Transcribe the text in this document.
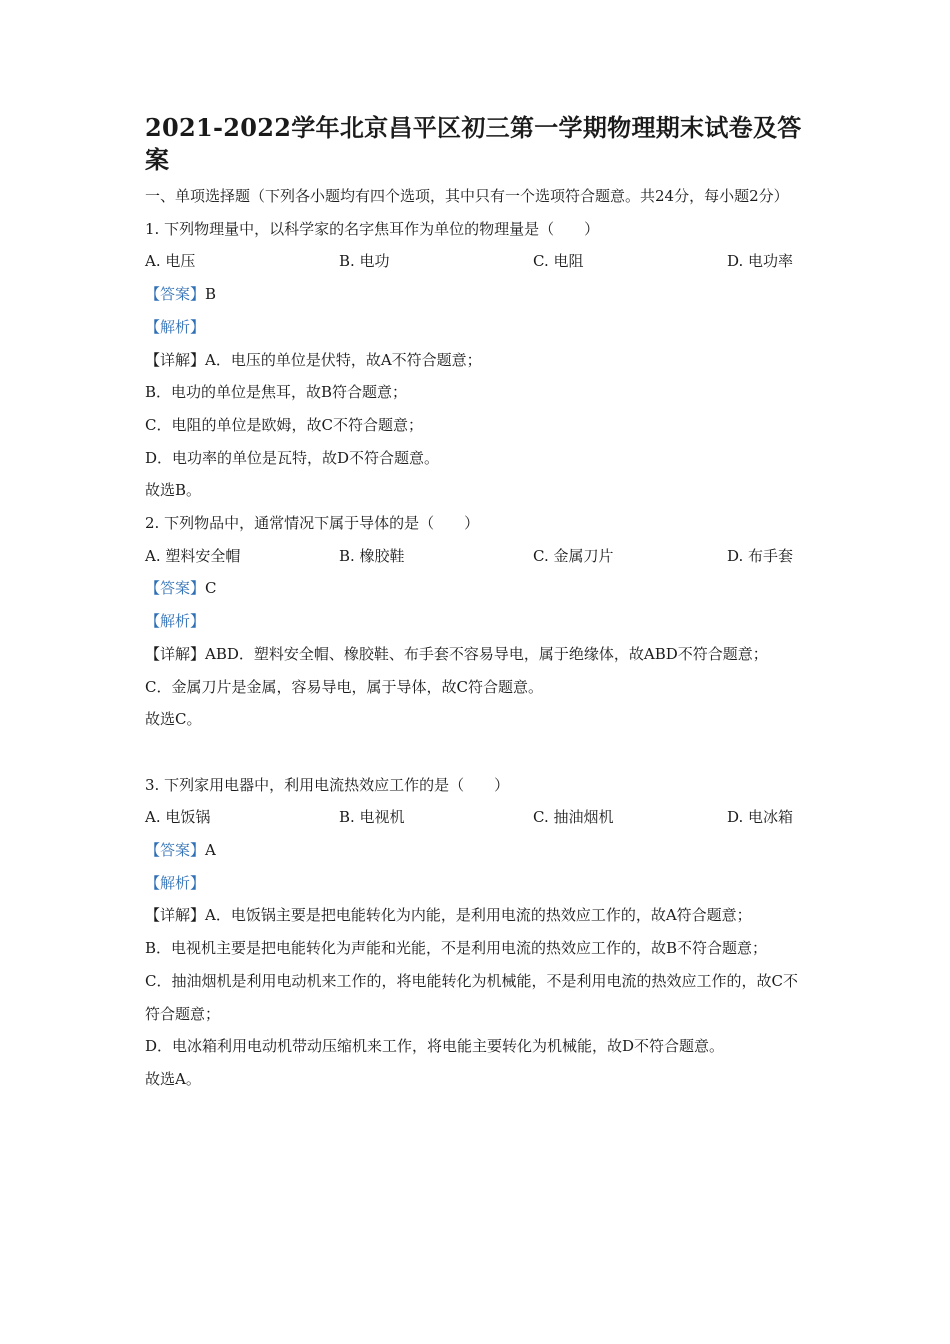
2021-2022学年北京昌平区初三第一学期物理期末试卷及答
案
一、单项选择题（下列各小题均有四个选项，其中只有一个选项符合题意。共24分，每小题2分）
1. 下列物理量中，以科学家的名字焦耳作为单位的物理量是（　　）
A. 电压	B. 电功	C. 电阻	D. 电功率
【答案】B
【解析】
【详解】A．电压的单位是伏特，故A不符合题意；
B．电功的单位是焦耳，故B符合题意；
C．电阻的单位是欧姆，故C不符合题意；
D．电功率的单位是瓦特，故D不符合题意。
故选B。
2. 下列物品中，通常情况下属于导体的是（　　）
A. 塑料安全帽	B. 橡胶鞋	C. 金属刀片	D. 布手套
【答案】C
【解析】
【详解】ABD．塑料安全帽、橡胶鞋、布手套不容易导电，属于绝缘体，故ABD不符合题意；
C．金属刀片是金属，容易导电，属于导体，故C符合题意。
故选C。
3. 下列家用电器中，利用电流热效应工作的是（　　）
A. 电饭锅	B. 电视机	C. 抽油烟机	D. 电冰箱
【答案】A
【解析】
【详解】A．电饭锅主要是把电能转化为内能，是利用电流的热效应工作的，故A符合题意；
B．电视机主要是把电能转化为声能和光能，不是利用电流的热效应工作的，故B不符合题意；
C．抽油烟机是利用电动机来工作的，将电能转化为机械能，不是利用电流的热效应工作的，故C不符合题意；
D．电冰箱利用电动机带动压缩机来工作，将电能主要转化为机械能，故D不符合题意。
故选A。
